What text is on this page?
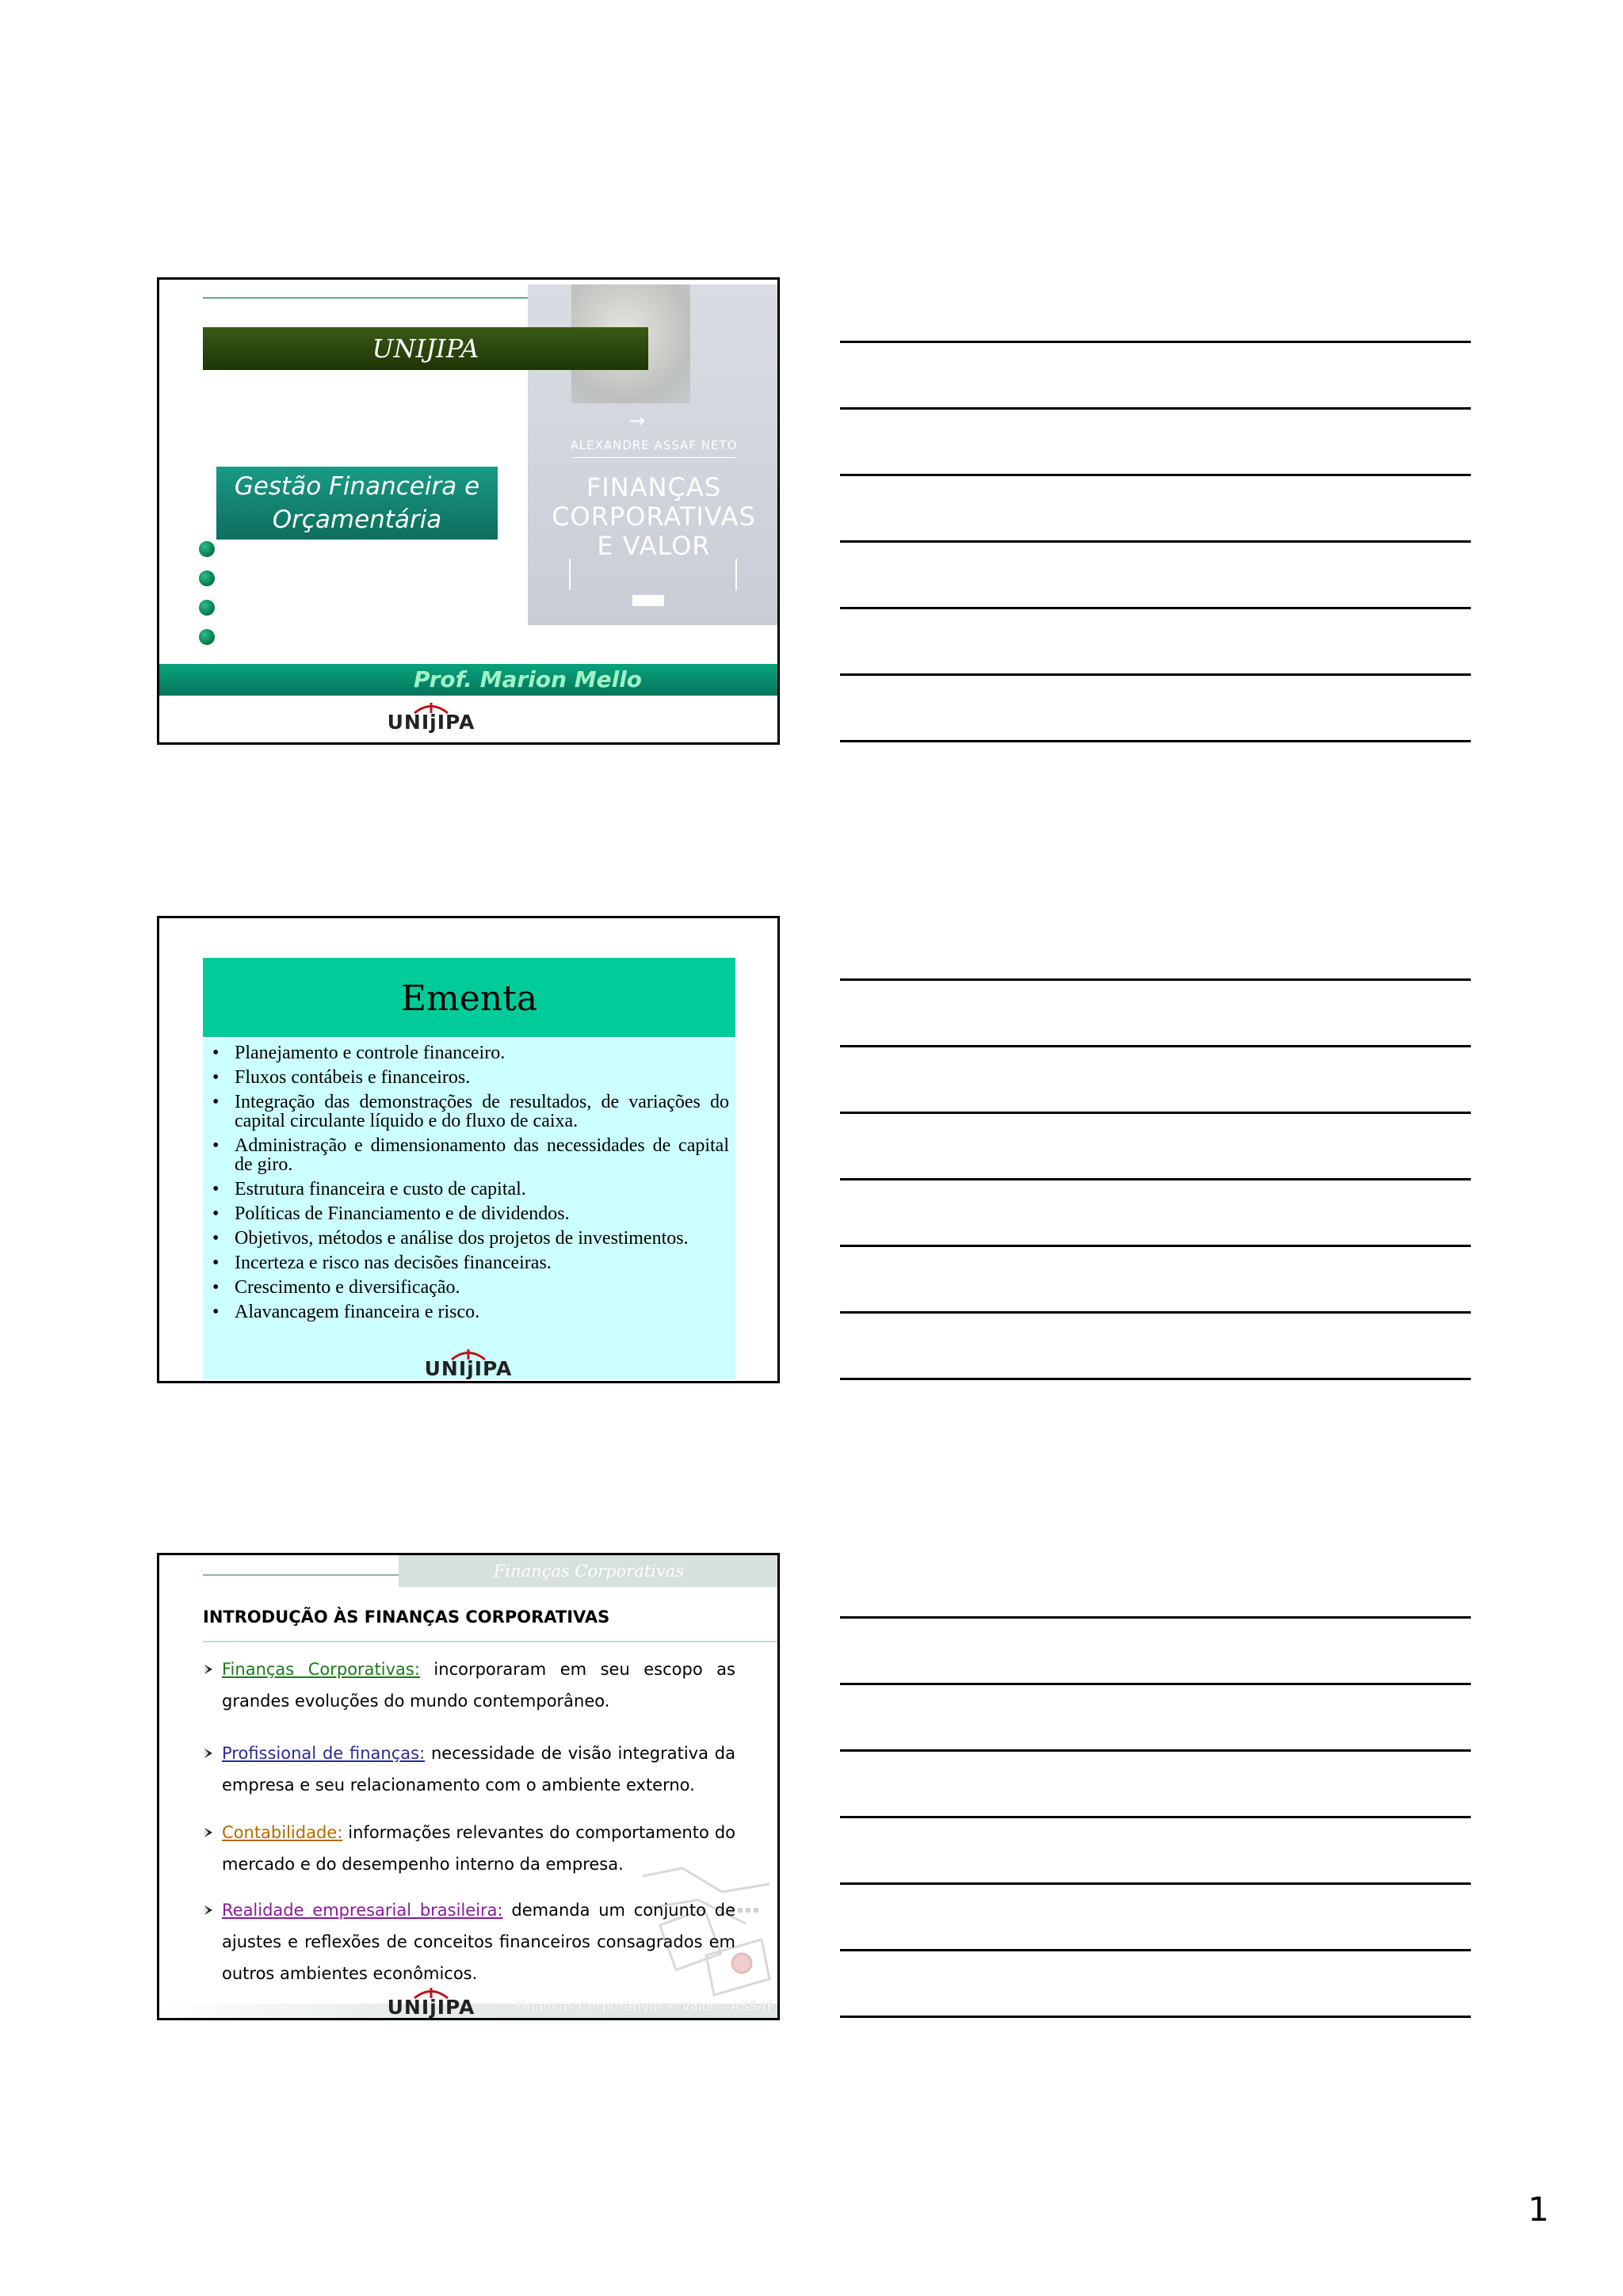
→
ALEXANDRE ASSAF NETO
FINANÇAS
CORPORATIVAS
E VALOR
UNIJIPA
Gestão Financeira e
Orçamentária
Prof. Marion Mello
UNIjIPA
Ementa
• Planejamento e controle financeiro.
• Fluxos contábeis e financeiros.
• Integração das demonstrações de resultados, de variações do capital circulante líquido e do fluxo de caixa.
• Administração e dimensionamento das necessidades de capital de giro.
• Estrutura financeira e custo de capital.
• Políticas de Financiamento e de dividendos.
• Objetivos, métodos e análise dos projetos de investimentos.
• Incerteza e risco nas decisões financeiras.
• Crescimento e diversificação.
• Alavancagem financeira e risco.
UNIjIPA
Finanças Corporativas
INTRODUÇÃO ÀS FINANÇAS CORPORATIVAS
Finanças Corporativas: incorporaram em seu escopo as grandes evoluções do mundo contemporâneo.
Profissional de finanças: necessidade de visão integrativa da empresa e seu relacionamento com o ambiente externo.
Contabilidade: informações relevantes do comportamento do mercado e do desempenho interno da empresa.
Realidade empresarial brasileira: demanda um conjunto de ajustes e reflexões de conceitos financeiros consagrados em outros ambientes econômicos.
Finanças Corporativas e Valor – ASSAF
UNIjIPA
1
